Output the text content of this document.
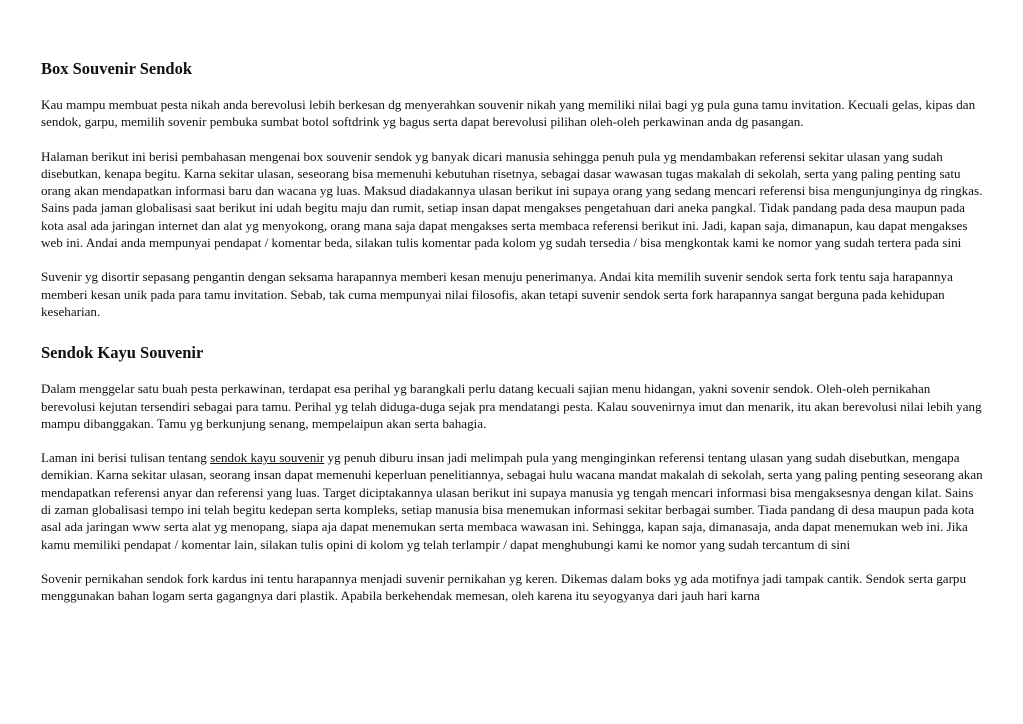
Box Souvenir Sendok

Kau mampu membuat pesta nikah anda berevolusi lebih berkesan dg menyerahkan souvenir nikah yang memiliki nilai bagi yg pula guna tamu invitation. Kecuali gelas, kipas dan sendok, garpu, memilih sovenir pembuka sumbat botol softdrink yg bagus serta dapat berevolusi pilihan oleh-oleh perkawinan anda dg pasangan.

Halaman berikut ini berisi pembahasan mengenai box souvenir sendok yg banyak dicari manusia sehingga penuh pula yg mendambakan referensi sekitar ulasan yang sudah disebutkan, kenapa begitu. Karna sekitar ulasan, seseorang bisa memenuhi kebutuhan risetnya, sebagai dasar wawasan tugas makalah di sekolah, serta yang paling penting satu orang akan mendapatkan informasi baru dan wacana yg luas. Maksud diadakannya ulasan berikut ini supaya orang yang sedang mencari referensi bisa mengunjunginya dg ringkas. Sains pada jaman globalisasi saat berikut ini udah begitu maju dan rumit, setiap insan dapat mengakses pengetahuan dari aneka pangkal. Tidak pandang pada desa maupun pada kota asal ada jaringan internet dan alat yg menyokong, orang mana saja dapat mengakses serta membaca referensi berikut ini. Jadi, kapan saja, dimanapun, kau dapat mengakses web ini. Andai anda mempunyai pendapat / komentar beda, silakan tulis komentar pada kolom yg sudah tersedia / bisa mengkontak kami ke nomor yang sudah tertera pada sini

Suvenir yg disortir sepasang pengantin dengan seksama harapannya memberi kesan menuju penerimanya. Andai kita memilih suvenir sendok serta fork tentu saja harapannya memberi kesan unik pada para tamu invitation. Sebab, tak cuma mempunyai nilai filosofis, akan tetapi suvenir sendok serta fork harapannya sangat berguna pada kehidupan keseharian.

Sendok Kayu Souvenir

Dalam menggelar satu buah pesta perkawinan, terdapat esa perihal yg barangkali perlu datang kecuali sajian menu hidangan, yakni sovenir sendok. Oleh-oleh pernikahan berevolusi kejutan tersendiri sebagai para tamu. Perihal yg telah diduga-duga sejak pra mendatangi pesta. Kalau souvenirnya imut dan menarik, itu akan berevolusi nilai lebih yang mampu dibanggakan. Tamu yg berkunjung senang, mempelaipun akan serta bahagia.

Laman ini berisi tulisan tentang sendok kayu souvenir yg penuh diburu insan jadi melimpah pula yang menginginkan referensi tentang ulasan yang sudah disebutkan, mengapa demikian. Karna sekitar ulasan, seorang insan dapat memenuhi keperluan penelitiannya, sebagai hulu wacana mandat makalah di sekolah, serta yang paling penting seseorang akan mendapatkan referensi anyar dan referensi yang luas. Target diciptakannya ulasan berikut ini supaya manusia yg tengah mencari informasi bisa mengaksesnya dengan kilat. Sains di zaman globalisasi tempo ini telah begitu kedepan serta kompleks, setiap manusia bisa menemukan informasi sekitar berbagai sumber. Tiada pandang di desa maupun pada kota asal ada jaringan www serta alat yg menopang, siapa aja dapat menemukan serta membaca wawasan ini. Sehingga, kapan saja, dimanasaja, anda dapat menemukan web ini. Jika kamu memiliki pendapat / komentar lain, silakan tulis opini di kolom yg telah terlampir / dapat menghubungi kami ke nomor yang sudah tercantum di sini

Sovenir pernikahan sendok fork kardus ini tentu harapannya menjadi suvenir pernikahan yg keren. Dikemas dalam boks yg ada motifnya jadi tampak cantik. Sendok serta garpu menggunakan bahan logam serta gagangnya dari plastik. Apabila berkehendak memesan, oleh karena itu seyogyanya dari jauh hari karna
